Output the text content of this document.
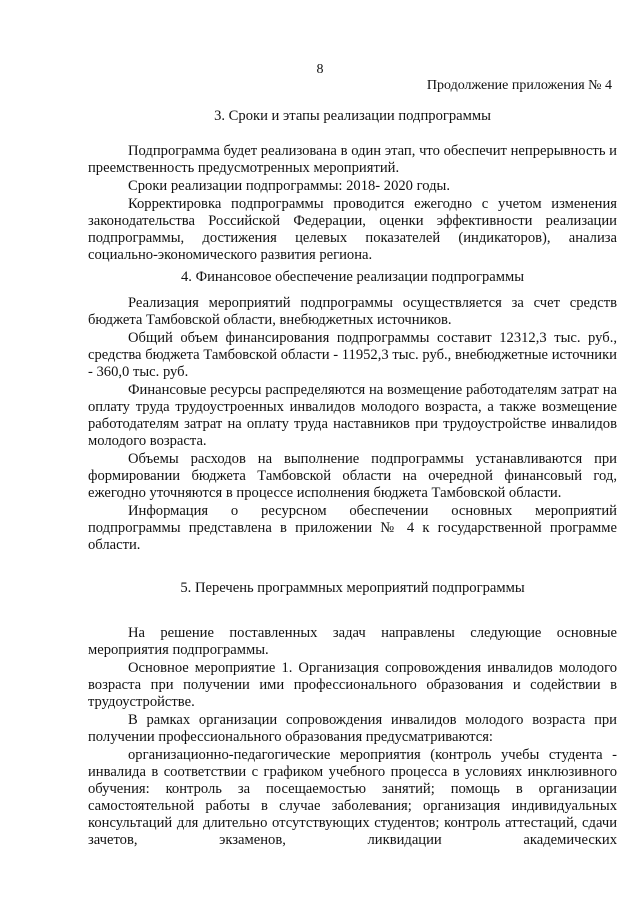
8
Продолжение приложения № 4

3. Сроки и этапы реализации подпрограммы

Подпрограмма будет реализована в один этап, что обеспечит непрерывность и преемственность предусмотренных мероприятий.

Сроки реализации подпрограммы: 2018- 2020 годы.

Корректировка подпрограммы проводится ежегодно с учетом изменения законодательства Российской Федерации, оценки эффективности реализации подпрограммы, достижения целевых показателей (индикаторов), анализа социально-экономического развития региона.

4. Финансовое обеспечение реализации подпрограммы

Реализация мероприятий подпрограммы осуществляется за счет средств бюджета Тамбовской области, внебюджетных источников.

Общий объем финансирования подпрограммы составит 12312,3 тыс. руб., средства бюджета Тамбовской области - 11952,3 тыс. руб., внебюджетные источники - 360,0 тыс. руб.

Финансовые ресурсы распределяются на возмещение работодателям затрат на оплату труда трудоустроенных инвалидов молодого возраста, а также возмещение работодателям затрат на оплату труда наставников при трудоустройстве инвалидов молодого возраста.

Объемы расходов на выполнение подпрограммы устанавливаются при формировании бюджета Тамбовской области на очередной финансовый год, ежегодно уточняются в процессе исполнения бюджета Тамбовской области.

Информация о ресурсном обеспечении основных мероприятий подпрограммы представлена в приложении № 4 к государственной программе области.

5. Перечень программных мероприятий подпрограммы

На решение поставленных задач направлены следующие основные мероприятия подпрограммы.

Основное мероприятие 1. Организация сопровождения инвалидов молодого возраста при получении ими профессионального образования и содействии в трудоустройстве.

В рамках организации сопровождения инвалидов молодого возраста при получении профессионального образования предусматриваются:

организационно-педагогические мероприятия (контроль учебы студента - инвалида в соответствии с графиком учебного процесса в условиях инклюзивного обучения: контроль за посещаемостью занятий; помощь в организации самостоятельной работы в случае заболевания; организация индивидуальных консультаций для длительно отсутствующих студентов; контроль аттестаций, сдачи зачетов, экзаменов, ликвидации академических
